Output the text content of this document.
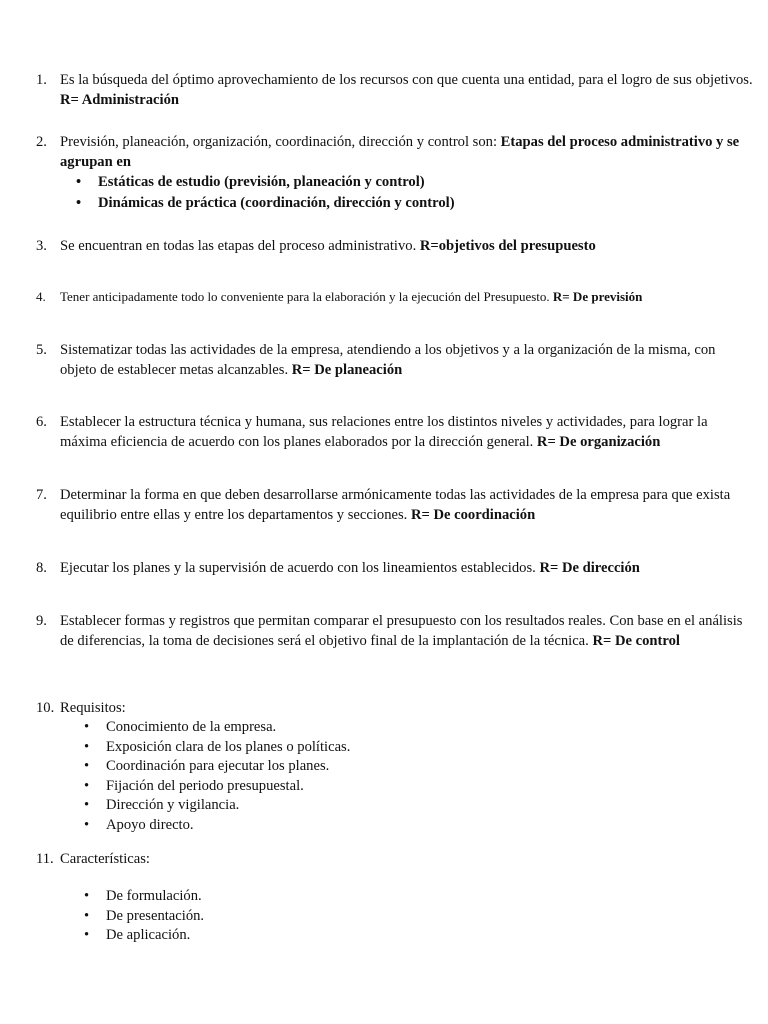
1. Es la búsqueda del óptimo aprovechamiento de los recursos con que cuenta una entidad, para el logro de sus objetivos. R= Administración
2. Previsión, planeación, organización, coordinación, dirección y control son: Etapas del proceso administrativo y se agrupan en
• Estáticas de estudio (previsión, planeación y control)
• Dinámicas de práctica (coordinación, dirección y control)
3. Se encuentran en todas las etapas del proceso administrativo. R=objetivos del presupuesto
4.	Tener anticipadamente todo lo conveniente para la elaboración y la ejecución del Presupuesto. R= De previsión
5. Sistematizar todas las actividades de la empresa, atendiendo a los objetivos y a la organización de la misma, con objeto de establecer metas alcanzables. R= De planeación
6. Establecer la estructura técnica y humana, sus relaciones entre los distintos niveles y actividades, para lograr la máxima eficiencia de acuerdo con los planes elaborados por la dirección general. R= De organización
7. Determinar la forma en que deben desarrollarse armónicamente todas las actividades de la empresa para que exista equilibrio entre ellas y entre los departamentos y secciones. R= De coordinación
8. Ejecutar los planes y la supervisión de acuerdo con los lineamientos establecidos. R= De dirección
9. Establecer formas y registros que permitan comparar el presupuesto con los resultados reales. Con base en el análisis de diferencias, la toma de decisiones será el objetivo final de la implantación de la técnica. R= De control
10. Requisitos:
• Conocimiento de la empresa.
• Exposición clara de los planes o políticas.
• Coordinación para ejecutar los planes.
• Fijación del periodo presupuestal.
• Dirección y vigilancia.
• Apoyo directo.
11. Características:
• De formulación.
• De presentación.
• De aplicación.
